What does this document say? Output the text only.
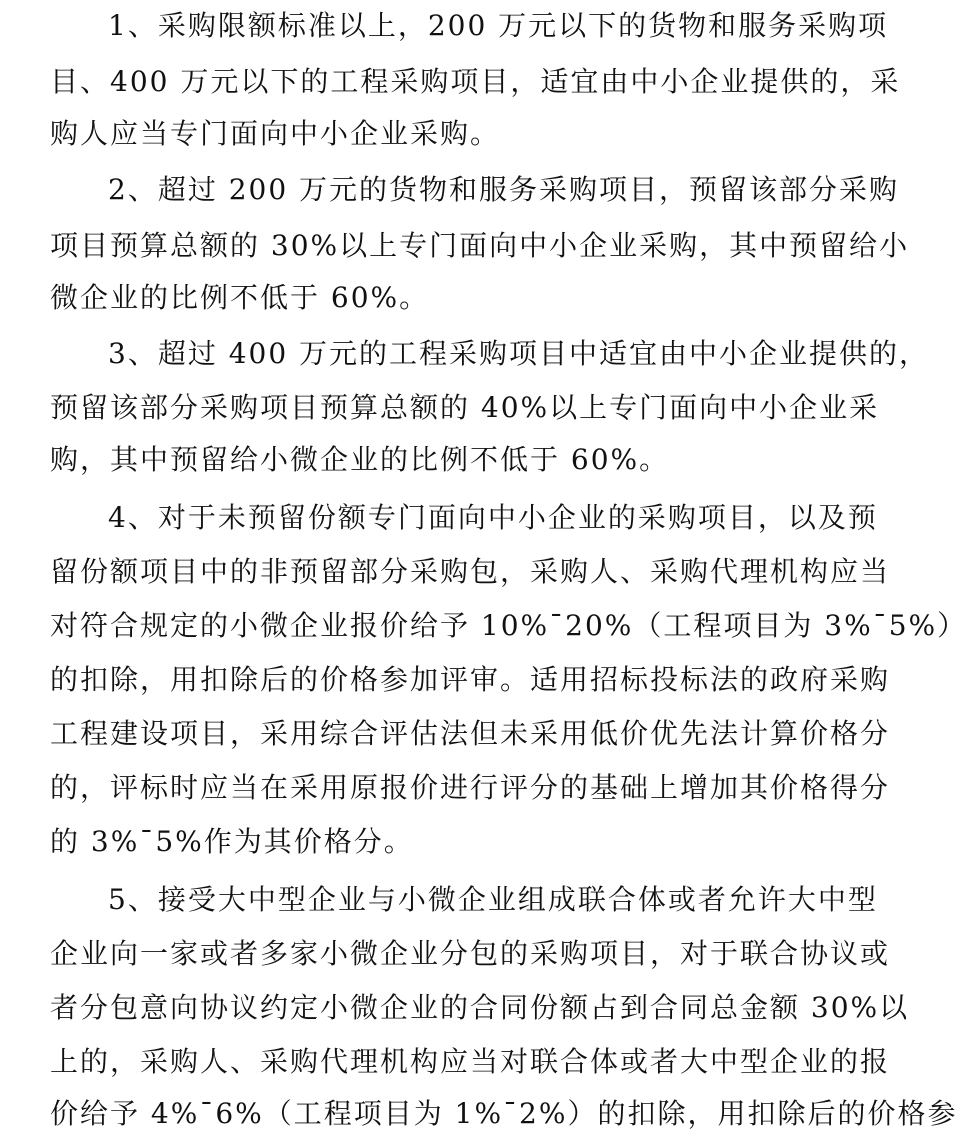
1、采购限额标准以上，200 万元以下的货物和服务采购项
目、400 万元以下的工程采购项目，适宜由中小企业提供的，采
购人应当专门面向中小企业采购。
2、超过 200 万元的货物和服务采购项目，预留该部分采购
项目预算总额的 30%以上专门面向中小企业采购，其中预留给小
微企业的比例不低于 60%。
3、超过 400 万元的工程采购项目中适宜由中小企业提供的，
预留该部分采购项目预算总额的 40%以上专门面向中小企业采
购，其中预留给小微企业的比例不低于 60%。
4、对于未预留份额专门面向中小企业的采购项目，以及预
留份额项目中的非预留部分采购包，采购人、采购代理机构应当
对符合规定的小微企业报价给予 10%¯20%（工程项目为 3%¯5%）
的扣除，用扣除后的价格参加评审。适用招标投标法的政府采购
工程建设项目，采用综合评估法但未采用低价优先法计算价格分
的，评标时应当在采用原报价进行评分的基础上增加其价格得分
的 3%¯5%作为其价格分。
5、接受大中型企业与小微企业组成联合体或者允许大中型
企业向一家或者多家小微企业分包的采购项目，对于联合协议或
者分包意向协议约定小微企业的合同份额占到合同总金额 30%以
上的，采购人、采购代理机构应当对联合体或者大中型企业的报
价给予 4%¯6%（工程项目为 1%¯2%）的扣除，用扣除后的价格参
